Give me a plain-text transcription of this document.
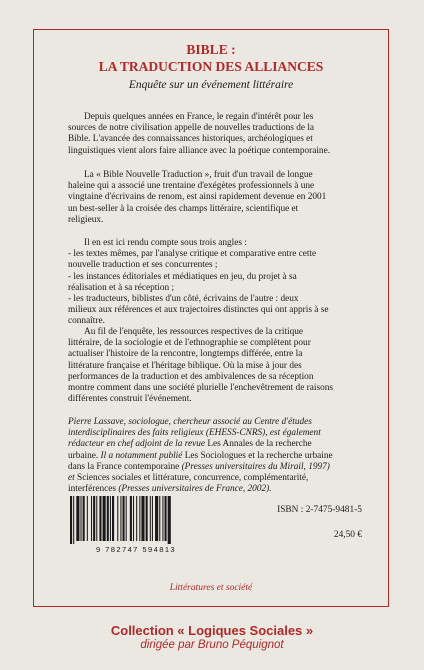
BIBLE :
LA TRADUCTION DES ALLIANCES
Enquête sur un événement littéraire

Depuis quelques années en France, le regain d'intérêt pour les
sources de notre civilisation appelle de nouvelles traductions de la
Bible. L'avancée des connaissances historiques, archéologiques et
linguistiques vient alors faire alliance avec la poétique contemporaine.

La « Bible Nouvelle Traduction », fruit d'un travail de longue
haleine qui a associé une trentaine d'exégètes professionnels à une
vingtaine d'écrivains de renom, est ainsi rapidement devenue en 2001
un best-seller à la croisée des champs littéraire, scientifique et
religieux.

Il en est ici rendu compte sous trois angles :
- les textes mêmes, par l'analyse critique et comparative entre cette
nouvelle traduction et ses concurrentes ;
- les instances éditoriales et médiatiques en jeu, du projet à sa
réalisation et à sa réception ;
- les traducteurs, biblistes d'un côté, écrivains de l'autre : deux
milieux aux références et aux trajectoires distinctes qui ont appris à se
connaître.

Au fil de l'enquête, les ressources respectives de la critique
littéraire, de la sociologie et de l'ethnographie se complètent pour
actualiser l'histoire de la rencontre, longtemps différée, entre la
littérature française et l'héritage biblique. Où la mise à jour des
performances de la traduction et des ambivalences de sa réception
montre comment dans une société plurielle l'enchevêtrement de raisons
différentes construit l'événement.

Pierre Lassave, sociologue, chercheur associé au Centre d'études
interdisciplinaires des faits religieux (EHESS-CNRS), est également
rédacteur en chef adjoint de la revue Les Annales de la recherche
urbaine. Il a notamment publié Les Sociologues et la recherche urbaine
dans la France contemporaine (Presses universitaires du Mirail, 1997)
et Sciences sociales et littérature, concurrence, complémentarité,
interférences (Presses universitaires de France, 2002).

9 782747 594813
ISBN : 2-7475-9481-5
24,50 €
Littératures et société
Collection « Logiques Sociales »
dirigée par Bruno Péquignot
